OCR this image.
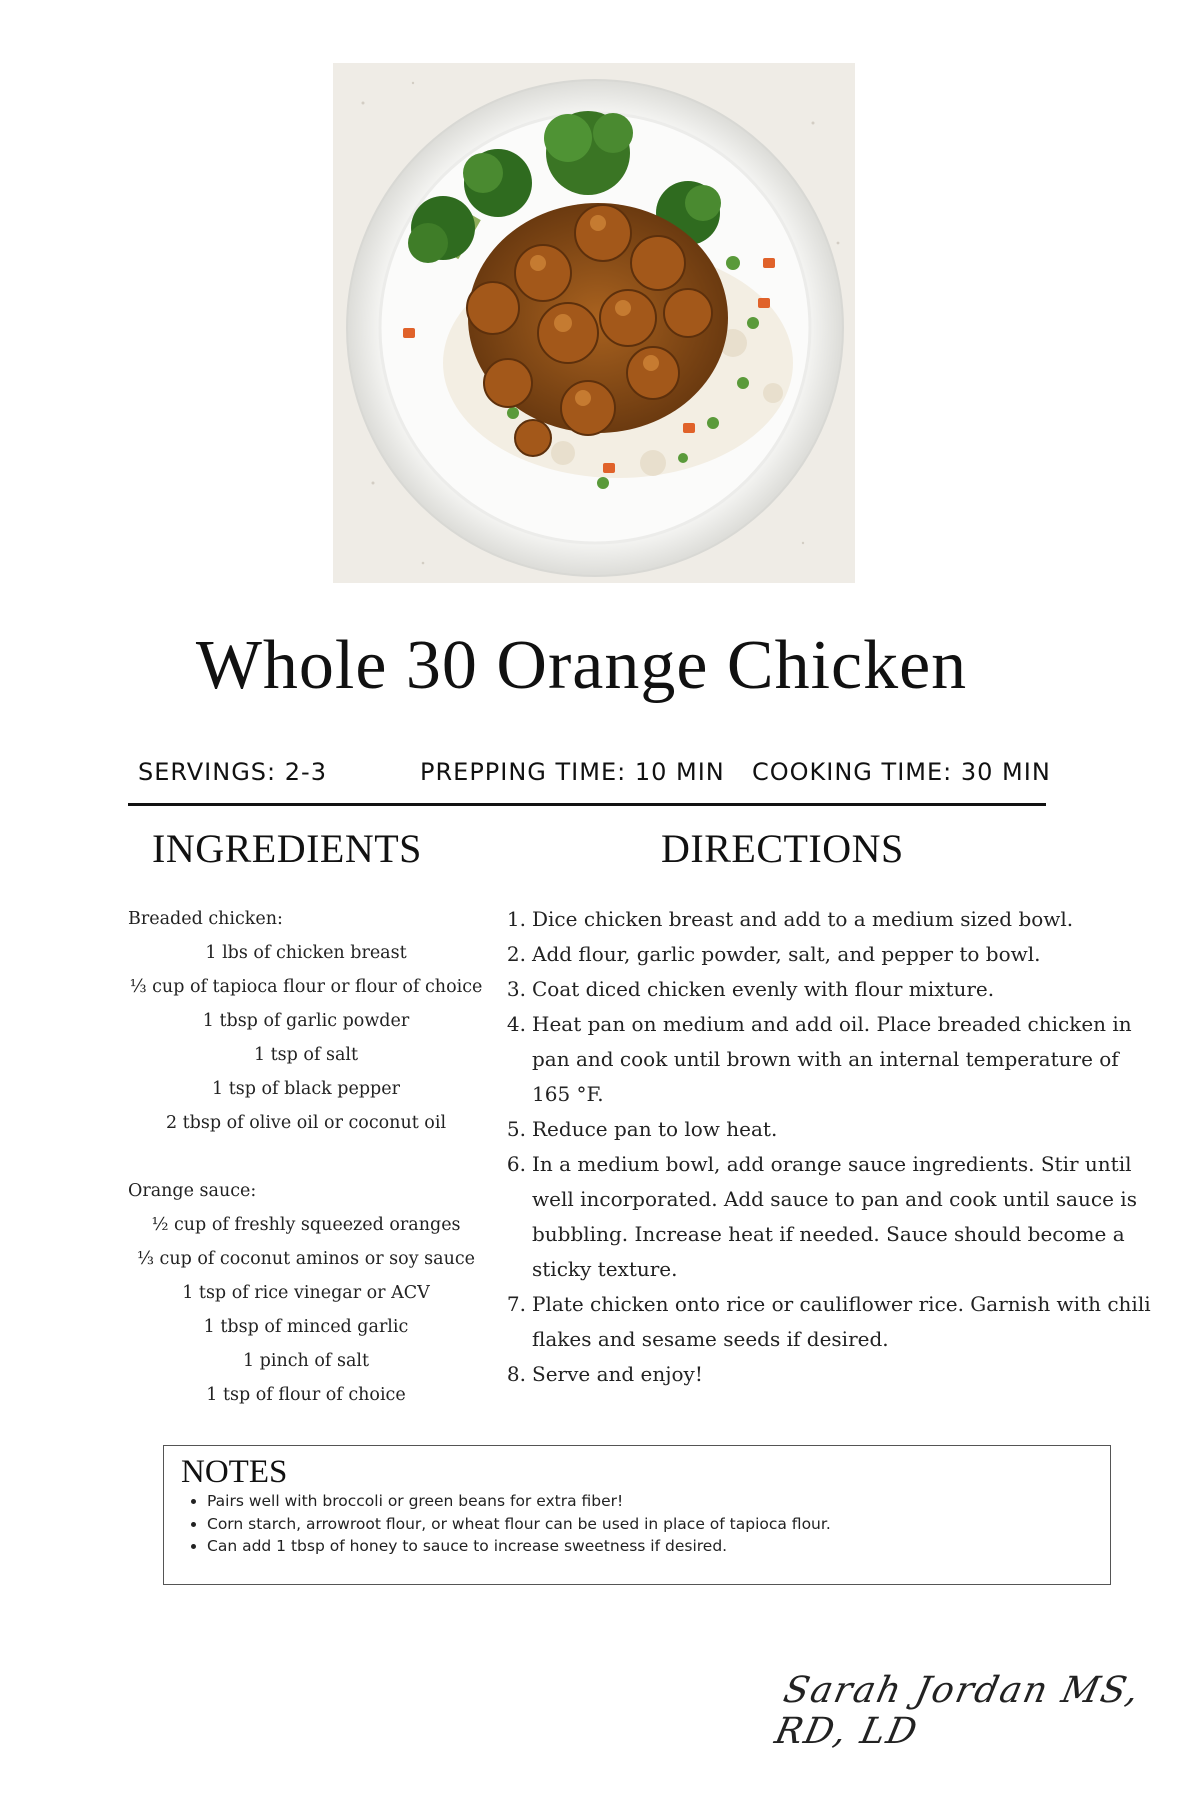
Whole 30 Orange Chicken
SERVINGS: 2-3	PREPPING TIME: 10 MIN COOKING TIME: 30 MIN
INGREDIENTS	DIRECTIONS
Breaded chicken:
1 lbs of chicken breast
⅓ cup of tapioca flour or flour of choice
1 tbsp of garlic powder
1 tsp of salt
1 tsp of black pepper
2 tbsp of olive oil or coconut oil
Orange sauce:
½ cup of freshly squeezed oranges
⅓ cup of coconut aminos or soy sauce
1 tsp of rice vinegar or ACV
1 tbsp of minced garlic
1 pinch of salt
1 tsp of flour of choice
1. Dice chicken breast and add to a medium sized bowl.
2. Add flour, garlic powder, salt, and pepper to bowl.
3. Coat diced chicken evenly with flour mixture.
4. Heat pan on medium and add oil. Place breaded chicken in pan and cook until brown with an internal temperature of 165 °F.
5. Reduce pan to low heat.
6. In a medium bowl, add orange sauce ingredients. Stir until well incorporated. Add sauce to pan and cook until sauce is bubbling. Increase heat if needed. Sauce should become a sticky texture.
7. Plate chicken onto rice or cauliflower rice. Garnish with chili flakes and sesame seeds if desired.
8. Serve and enjoy!
NOTES
• Pairs well with broccoli or green beans for extra fiber!
• Corn starch, arrowroot flour, or wheat flour can be used in place of tapioca flour.
• Can add 1 tbsp of honey to sauce to increase sweetness if desired.
Sarah Jordan MS, RD, LD
